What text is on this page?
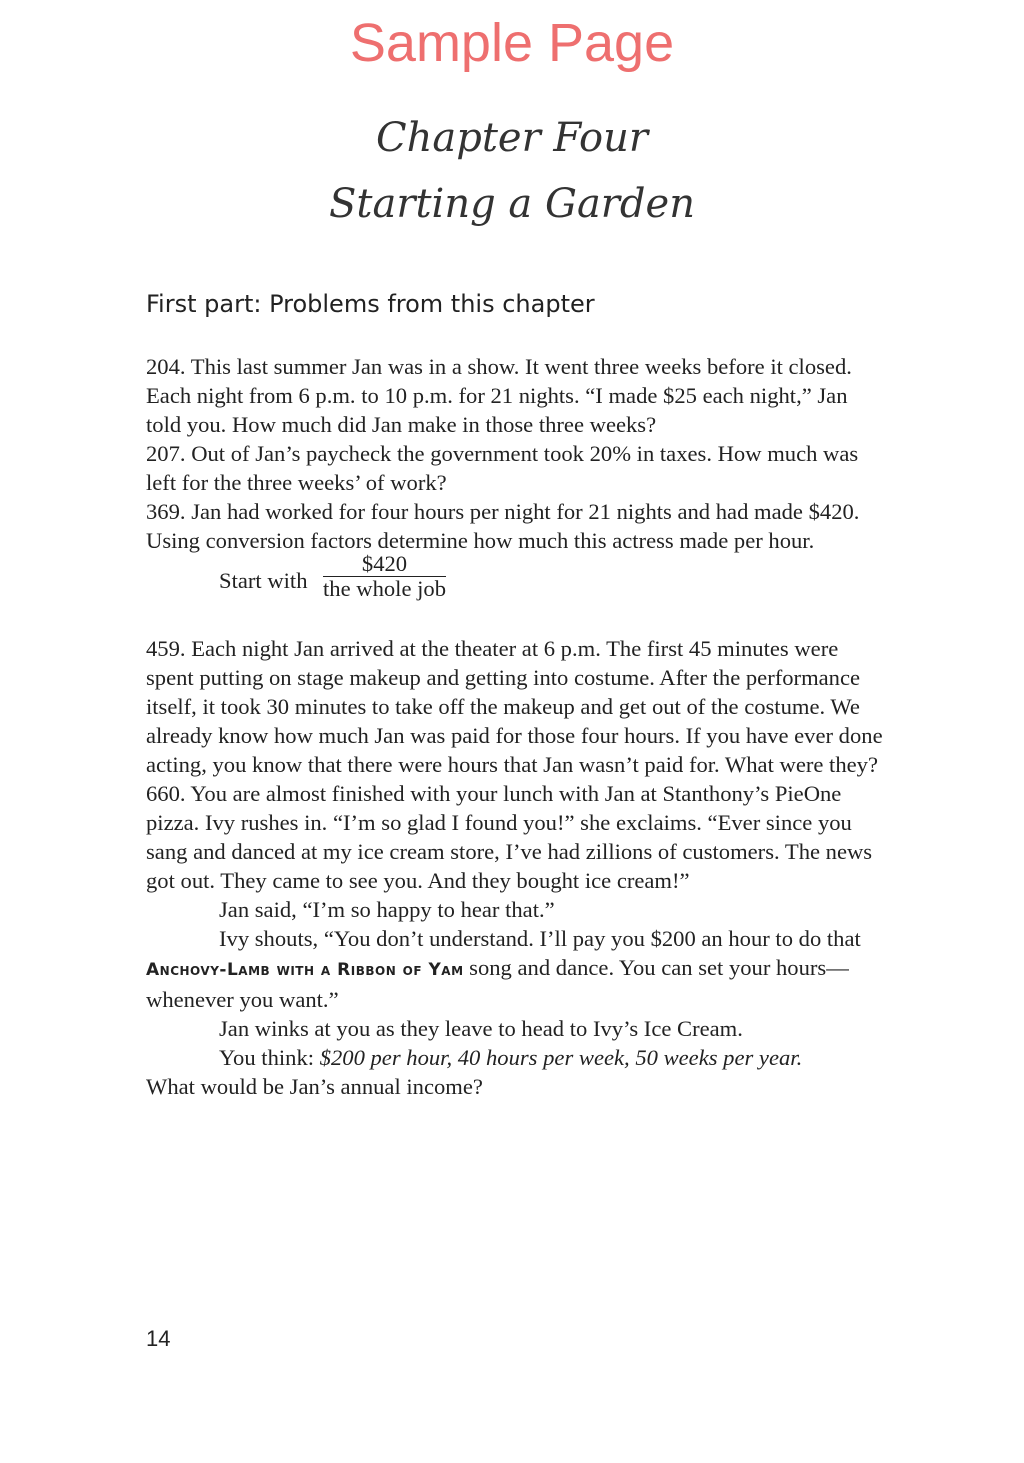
Sample Page
Chapter Four
Starting a Garden
First part: Problems from this chapter

204. This last summer Jan was in a show. It went three weeks before it closed. Each night from 6 p.m. to 10 p.m. for 21 nights. “I made $25 each night,” Jan told you. How much did Jan make in those three weeks?

207. Out of Jan’s paycheck the government took 20% in taxes. How much was left for the three weeks’ of work?

369. Jan had worked for four hours per night for 21 nights and had made $420. Using conversion factors determine how much this actress made per hour.

Start with
$420
the whole job

459. Each night Jan arrived at the theater at 6 p.m. The first 45 minutes were spent putting on stage makeup and getting into costume. After the performance itself, it took 30 minutes to take off the makeup and get out of the costume. We already know how much Jan was paid for those four hours. If you have ever done acting, you know that there were hours that Jan wasn’t paid for. What were they?

660. You are almost finished with your lunch with Jan at Stanthony’s PieOne pizza. Ivy rushes in. “I’m so glad I found you!” she exclaims. “Ever since you sang and danced at my ice cream store, I’ve had zillions of customers. The news got out. They came to see you. And they bought ice cream!”

Jan said, “I’m so happy to hear that.”

Ivy shouts, “You don’t understand. I’ll pay you $200 an hour to do that Anchovy-Lamb with a Ribbon of Yam song and dance. You can set your hours—whenever you want.”

Jan winks at you as they leave to head to Ivy’s Ice Cream.

You think: $200 per hour, 40 hours per week, 50 weeks per year.

What would be Jan’s annual income?

14
